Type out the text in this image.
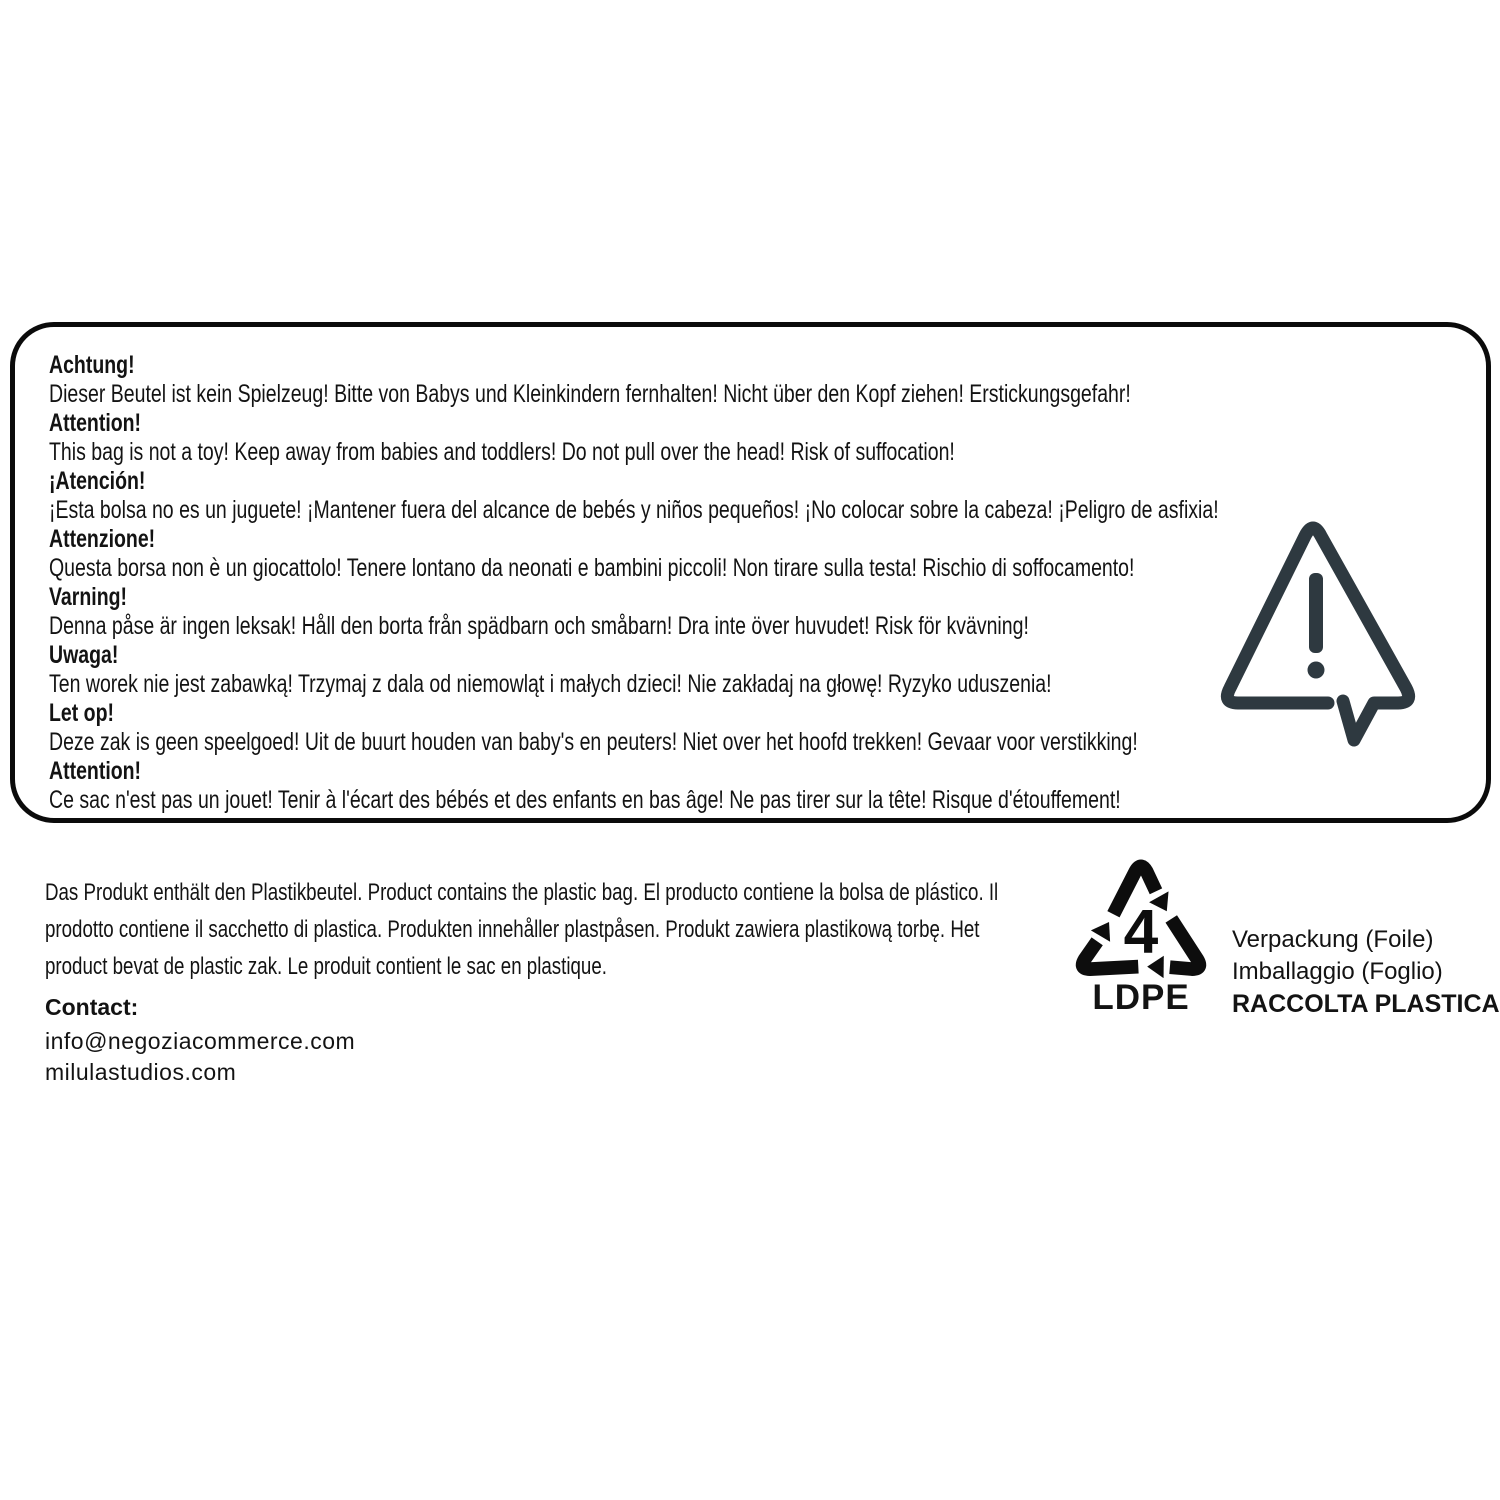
Achtung!
Dieser Beutel ist kein Spielzeug! Bitte von Babys und Kleinkindern fernhalten! Nicht über den Kopf ziehen! Erstickungsgefahr!
Attention!
This bag is not a toy! Keep away from babies and toddlers! Do not pull over the head! Risk of suffocation!
¡Atención!
¡Esta bolsa no es un juguete! ¡Mantener fuera del alcance de bebés y niños pequeños! ¡No colocar sobre la cabeza! ¡Peligro de asfixia!
Attenzione!
Questa borsa non è un giocattolo! Tenere lontano da neonati e bambini piccoli! Non tirare sulla testa! Rischio di soffocamento!
Varning!
Denna påse är ingen leksak! Håll den borta från spädbarn och småbarn! Dra inte över huvudet! Risk för kvävning!
Uwaga!
Ten worek nie jest zabawką! Trzymaj z dala od niemowląt i małych dzieci! Nie zakładaj na głowę! Ryzyko uduszenia!
Let op!
Deze zak is geen speelgoed! Uit de buurt houden van baby's en peuters! Niet over het hoofd trekken! Gevaar voor verstikking!
Attention!
Ce sac n'est pas un jouet! Tenir à l'écart des bébés et des enfants en bas âge! Ne pas tirer sur la tête! Risque d'étouffement!
Das Produkt enthält den Plastikbeutel. Product contains the plastic bag. El producto contiene la bolsa de plástico. Il prodotto contiene il sacchetto di plastica. Produkten innehåller plastpåsen. Produkt zawiera plastikową torbę. Het product bevat de plastic zak. Le produit contient le sac en plastique.
Contact:
info@negoziacommerce.com
milulastudios.com
4
LDPE
Verpackung (Foile)
Imballaggio (Foglio)
RACCOLTA PLASTICA
